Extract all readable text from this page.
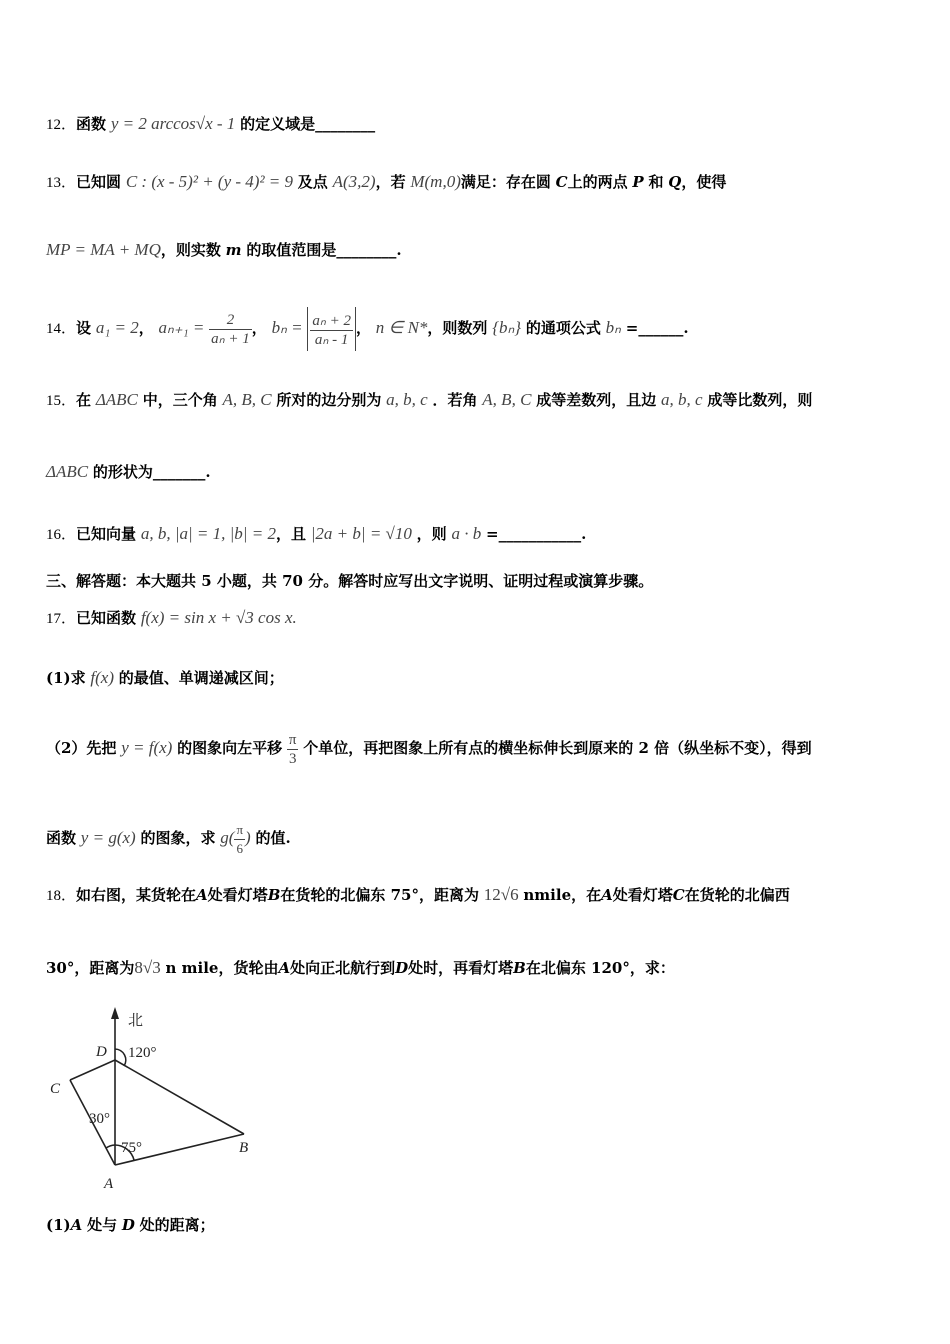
12．函数 y = 2 arccos√x - 1 的定义域是________
13．已知圆 C : (x - 5)² + (y - 4)² = 9 及点 A(3,2)，若 M(m,0)满足：存在圆 C上的两点 P 和 Q，使得
MP = MA + MQ，则实数 m 的取值范围是________.
14．设 a₁ = 2， $a_{n+1} = \frac{2}{\text{aₙ + 1}}$ ， $b_n = \frac{\text{aₙ + 2}}{\text{aₙ - 1}}$ ， n ∈ N*，则数列 {bₙ} 的通项公式 bₙ =______.
15．在 ΔABC 中，三个角 A, B, C 所对的边分别为 a, b, c ．若角 A, B, C 成等差数列，且边 a, b, c 成等比数列，则
ΔABC 的形状为_______.
16．已知向量 a, b, |a| = 1, |b| = 2，且 |2a + b| = √10 ，则 a · b =___________.
三、解答题：本大题共 5 小题，共 70 分。解答时应写出文字说明、证明过程或演算步骤。
17．已知函数 f(x) = sin x + √3 cos x.
(1)求 f(x) 的最值、单调递减区间；
（2）先把 y = f(x) 的图象向左平移 $\frac{\pi}{3}$ 个单位，再把图象上所有点的横坐标伸长到原来的 2 倍（纵坐标不变），得到
函数 y = g(x) 的图象，求 $g( \frac{\pi}{6}$ ) 的值.
18．如右图，某货轮在A处看灯塔B在货轮的北偏东 75°，距离为 12√6 nmile，在A处看灯塔C在货轮的北偏西
30°，距离为8√3 n mile，货轮由A处向正北航行到D处时，再看灯塔B在北偏东 120°，求：
北
D 120°
C
30°
75°	B
A
(1)A 处与 D 处的距离；
